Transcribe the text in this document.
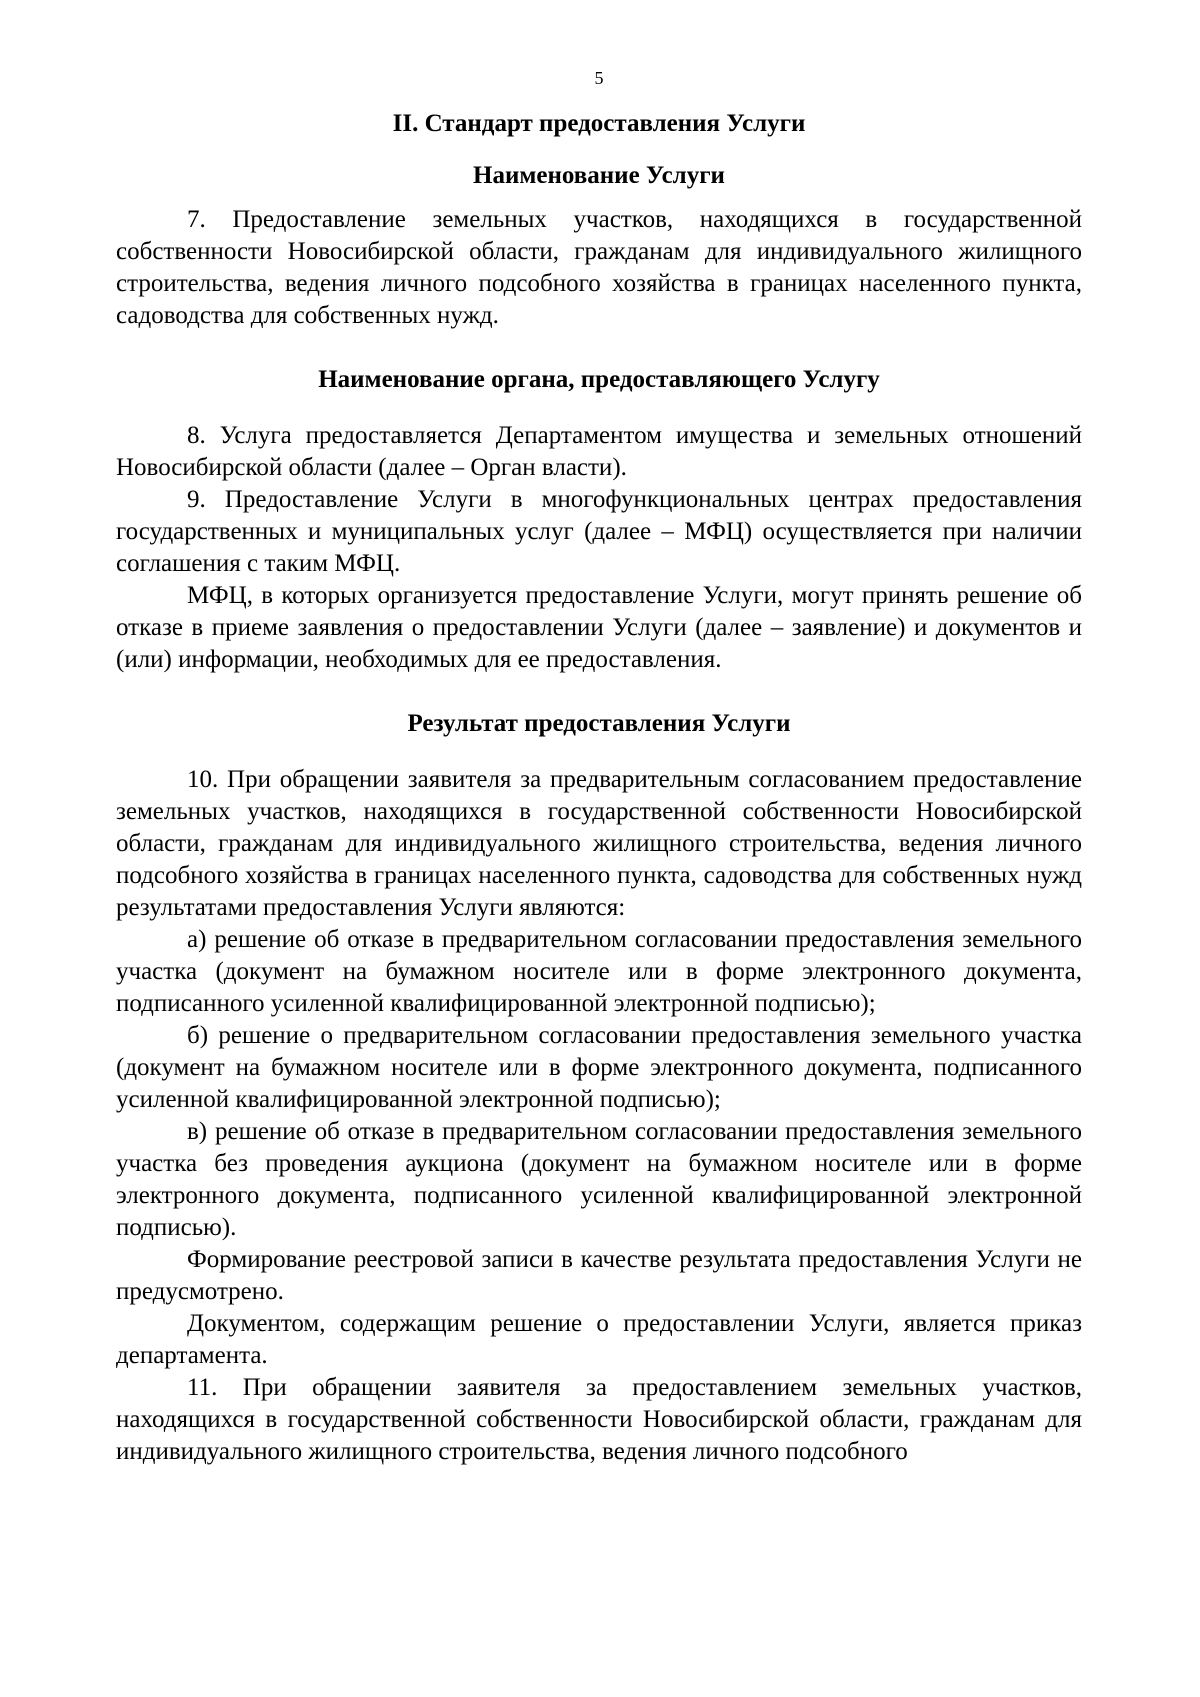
5
II. Стандарт предоставления Услуги
Наименование Услуги

7. Предоставление земельных участков, находящихся в государственной собственности Новосибирской области, гражданам для индивидуального жилищного строительства, ведения личного подсобного хозяйства в границах населенного пункта, садоводства для собственных нужд.

Наименование органа, предоставляющего Услугу

8. Услуга предоставляется Департаментом имущества и земельных отношений Новосибирской области (далее – Орган власти).

9. Предоставление Услуги в многофункциональных центрах предоставления государственных и муниципальных услуг (далее – МФЦ) осуществляется при наличии соглашения с таким МФЦ.

МФЦ, в которых организуется предоставление Услуги, могут принять решение об отказе в приеме заявления о предоставлении Услуги (далее – заявление) и документов и (или) информации, необходимых для ее предоставления.

Результат предоставления Услуги

10. При обращении заявителя за предварительным согласованием предоставление земельных участков, находящихся в государственной собственности Новосибирской области, гражданам для индивидуального жилищного строительства, ведения личного подсобного хозяйства в границах населенного пункта, садоводства для собственных нужд результатами предоставления Услуги являются:

а) решение об отказе в предварительном согласовании предоставления земельного участка (документ на бумажном носителе или в форме электронного документа, подписанного усиленной квалифицированной электронной подписью);

б) решение о предварительном согласовании предоставления земельного участка (документ на бумажном носителе или в форме электронного документа, подписанного усиленной квалифицированной электронной подписью);

в) решение об отказе в предварительном согласовании предоставления земельного участка без проведения аукциона (документ на бумажном носителе или в форме электронного документа, подписанного усиленной квалифицированной электронной подписью).

Формирование реестровой записи в качестве результата предоставления Услуги не предусмотрено.

Документом, содержащим решение о предоставлении Услуги, является приказ департамента.

11. При обращении заявителя за предоставлением земельных участков, находящихся в государственной собственности Новосибирской области, гражданам для индивидуального жилищного строительства, ведения личного подсобного
